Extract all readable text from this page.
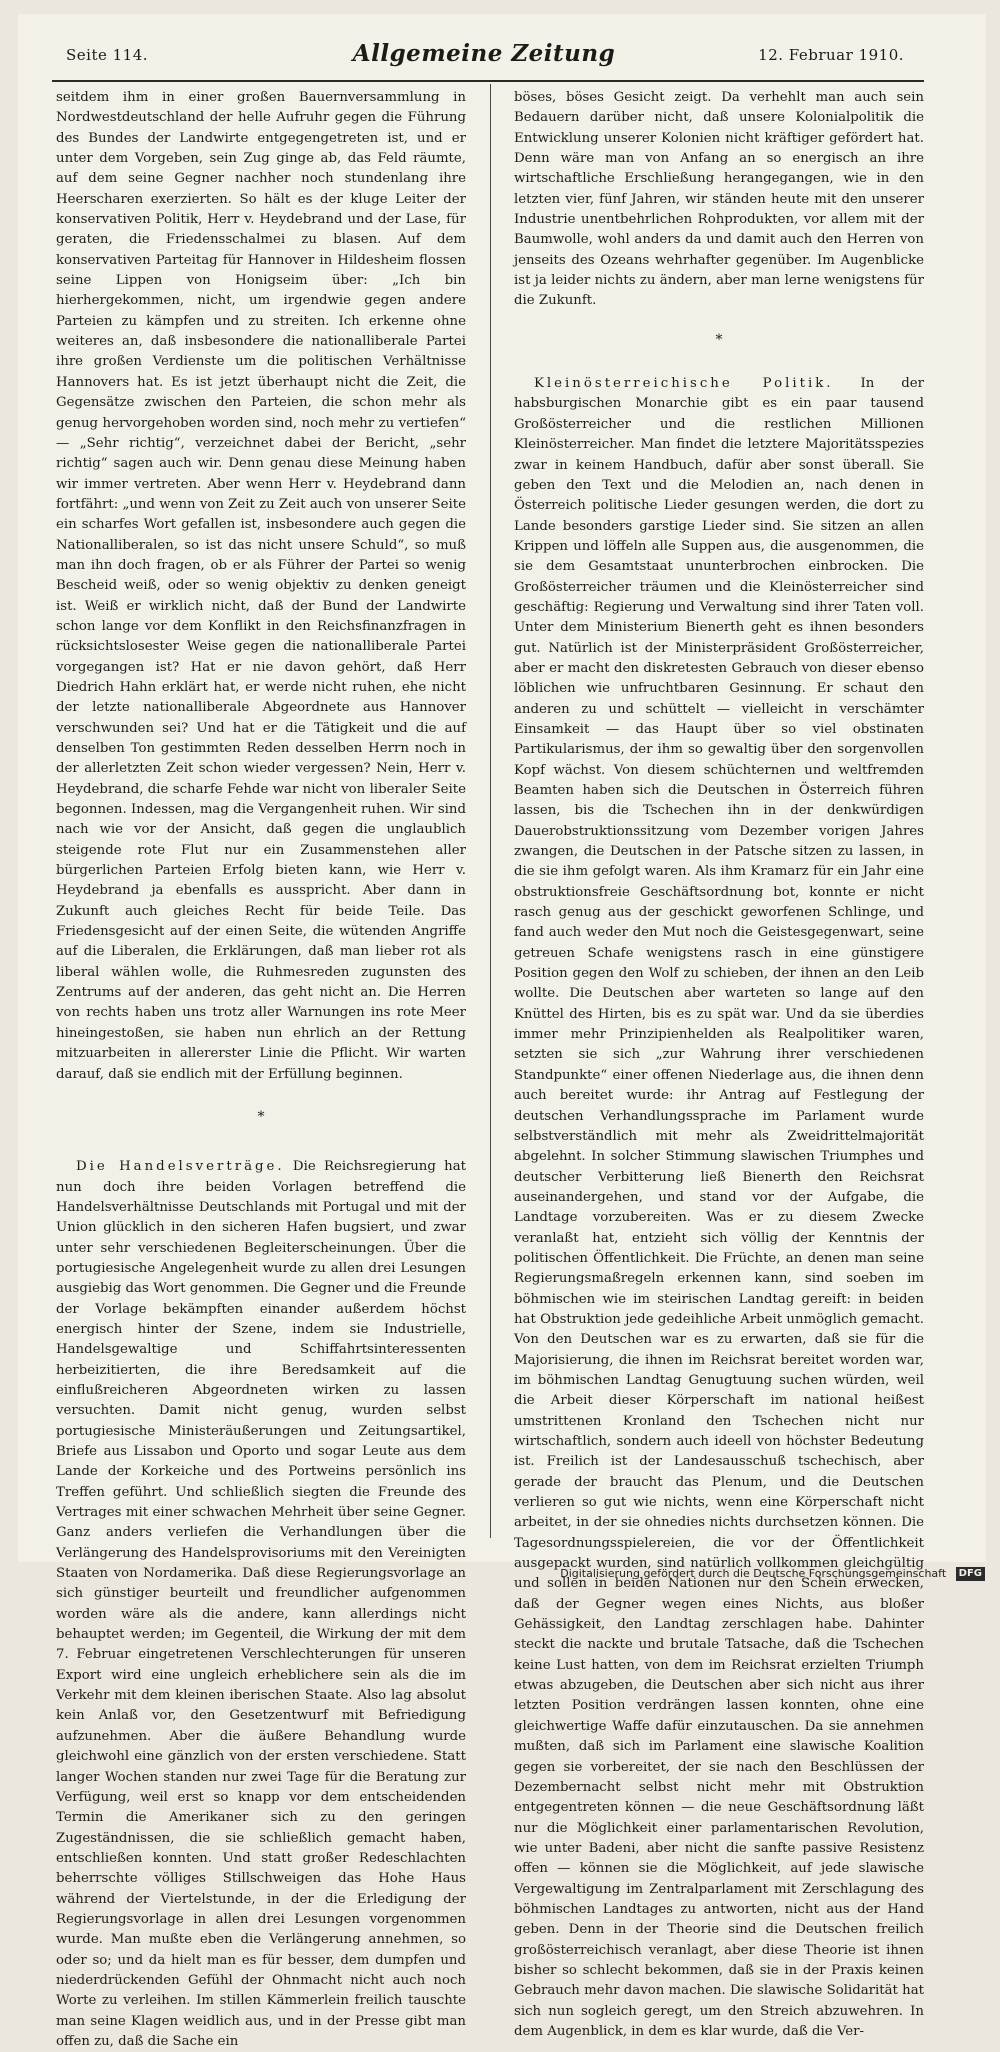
Seite 114.	Allgemeine Zeitung	12. Februar 1910.

seitdem ihm in einer großen Bauernversammlung in Nordwestdeutschland der helle Aufruhr gegen die Führung des Bundes der Landwirte entgegengetreten ist, und er unter dem Vorgeben, sein Zug ginge ab, das Feld räumte, auf dem seine Gegner nachher noch stundenlang ihre Heerscharen exerzierten. So hält es der kluge Leiter der konservativen Politik, Herr v. Heydebrand und der Lase, für geraten, die Friedensschalmei zu blasen. Auf dem konservativen Parteitag für Hannover in Hildesheim flossen seine Lippen von Honigseim über: „Ich bin hierhergekommen, nicht, um irgendwie gegen andere Parteien zu kämpfen und zu streiten. Ich erkenne ohne weiteres an, daß insbesondere die nationalliberale Partei ihre großen Verdienste um die politischen Verhältnisse Hannovers hat. Es ist jetzt überhaupt nicht die Zeit, die Gegensätze zwischen den Parteien, die schon mehr als genug hervorgehoben worden sind, noch mehr zu vertiefen“ — „Sehr richtig“, verzeichnet dabei der Bericht, „sehr richtig“ sagen auch wir. Denn genau diese Meinung haben wir immer vertreten. Aber wenn Herr v. Heydebrand dann fortfährt: „und wenn von Zeit zu Zeit auch von unserer Seite ein scharfes Wort gefallen ist, insbesondere auch gegen die Nationalliberalen, so ist das nicht unsere Schuld“, so muß man ihn doch fragen, ob er als Führer der Partei so wenig Bescheid weiß, oder so wenig objektiv zu denken geneigt ist. Weiß er wirklich nicht, daß der Bund der Landwirte schon lange vor dem Konflikt in den Reichsfinanzfragen in rücksichtslosester Weise gegen die nationalliberale Partei vorgegangen ist? Hat er nie davon gehört, daß Herr Diedrich Hahn erklärt hat, er werde nicht ruhen, ehe nicht der letzte nationalliberale Abgeordnete aus Hannover verschwunden sei? Und hat er die Tätigkeit und die auf denselben Ton gestimmten Reden desselben Herrn noch in der allerletzten Zeit schon wieder vergessen? Nein, Herr v. Heydebrand, die scharfe Fehde war nicht von liberaler Seite begonnen. Indessen, mag die Vergangenheit ruhen. Wir sind nach wie vor der Ansicht, daß gegen die unglaublich steigende rote Flut nur ein Zusammenstehen aller bürgerlichen Parteien Erfolg bieten kann, wie Herr v. Heydebrand ja ebenfalls es ausspricht. Aber dann in Zukunft auch gleiches Recht für beide Teile. Das Friedensgesicht auf der einen Seite, die wütenden Angriffe auf die Liberalen, die Erklärungen, daß man lieber rot als liberal wählen wolle, die Ruhmesreden zugunsten des Zentrums auf der anderen, das geht nicht an. Die Herren von rechts haben uns trotz aller Warnungen ins rote Meer hineingestoßen, sie haben nun ehrlich an der Rettung mitzuarbeiten in allererster Linie die Pflicht. Wir warten darauf, daß sie endlich mit der Erfüllung beginnen.

*

Die Handelsverträge. Die Reichsregierung hat nun doch ihre beiden Vorlagen betreffend die Handelsverhältnisse Deutschlands mit Portugal und mit der Union glücklich in den sicheren Hafen bugsiert, und zwar unter sehr verschiedenen Begleiterscheinungen. Über die portugiesische Angelegenheit wurde zu allen drei Lesungen ausgiebig das Wort genommen. Die Gegner und die Freunde der Vorlage bekämpften einander außerdem höchst energisch hinter der Szene, indem sie Industrielle, Handelsgewaltige und Schiffahrtsinteressenten herbeizitierten, die ihre Beredsamkeit auf die einflußreicheren Abgeordneten wirken zu lassen versuchten. Damit nicht genug, wurden selbst portugiesische Ministeräußerungen und Zeitungsartikel, Briefe aus Lissabon und Oporto und sogar Leute aus dem Lande der Korkeiche und des Portweins persönlich ins Treffen geführt. Und schließlich siegten die Freunde des Vertrages mit einer schwachen Mehrheit über seine Gegner. Ganz anders verliefen die Verhandlungen über die Verlängerung des Handelsprovisoriums mit den Vereinigten Staaten von Nordamerika. Daß diese Regierungsvorlage an sich günstiger beurteilt und freundlicher aufgenommen worden wäre als die andere, kann allerdings nicht behauptet werden; im Gegenteil, die Wirkung der mit dem 7. Februar eingetretenen Verschlechterungen für unseren Export wird eine ungleich erheblichere sein als die im Verkehr mit dem kleinen iberischen Staate. Also lag absolut kein Anlaß vor, den Gesetzentwurf mit Befriedigung aufzunehmen. Aber die äußere Behandlung wurde gleichwohl eine gänzlich von der ersten verschiedene. Statt langer Wochen standen nur zwei Tage für die Beratung zur Verfügung, weil erst so knapp vor dem entscheidenden Termin die Amerikaner sich zu den geringen Zugeständnissen, die sie schließlich gemacht haben, entschließen konnten. Und statt großer Redeschlachten beherrschte völliges Stillschweigen das Hohe Haus während der Viertelstunde, in der die Erledigung der Regierungsvorlage in allen drei Lesungen vorgenommen wurde. Man mußte eben die Verlängerung annehmen, so oder so; und da hielt man es für besser, dem dumpfen und niederdrückenden Gefühl der Ohnmacht nicht auch noch Worte zu verleihen. Im stillen Kämmerlein freilich tauschte man seine Klagen weidlich aus, und in der Presse gibt man offen zu, daß die Sache ein

böses, böses Gesicht zeigt. Da verhehlt man auch sein Bedauern darüber nicht, daß unsere Kolonialpolitik die Entwicklung unserer Kolonien nicht kräftiger gefördert hat. Denn wäre man von Anfang an so energisch an ihre wirtschaftliche Erschließung herangegangen, wie in den letzten vier, fünf Jahren, wir ständen heute mit den unserer Industrie unentbehrlichen Rohprodukten, vor allem mit der Baumwolle, wohl anders da und damit auch den Herren von jenseits des Ozeans wehrhafter gegenüber. Im Augenblicke ist ja leider nichts zu ändern, aber man lerne wenigstens für die Zukunft.

*

Kleinösterreichische Politik. In der habsburgischen Monarchie gibt es ein paar tausend Großösterreicher und die restlichen Millionen Kleinösterreicher. Man findet die letztere Majoritätsspezies zwar in keinem Handbuch, dafür aber sonst überall. Sie geben den Text und die Melodien an, nach denen in Österreich politische Lieder gesungen werden, die dort zu Lande besonders garstige Lieder sind. Sie sitzen an allen Krippen und löffeln alle Suppen aus, die ausgenommen, die sie dem Gesamtstaat ununterbrochen einbrocken. Die Großösterreicher träumen und die Kleinösterreicher sind geschäftig: Regierung und Verwaltung sind ihrer Taten voll. Unter dem Ministerium Bienerth geht es ihnen besonders gut. Natürlich ist der Ministerpräsident Großösterreicher, aber er macht den diskretesten Gebrauch von dieser ebenso löblichen wie unfruchtbaren Gesinnung. Er schaut den anderen zu und schüttelt — vielleicht in verschämter Einsamkeit — das Haupt über so viel obstinaten Partikularismus, der ihm so gewaltig über den sorgenvollen Kopf wächst. Von diesem schüchternen und weltfremden Beamten haben sich die Deutschen in Österreich führen lassen, bis die Tschechen ihn in der denkwürdigen Dauerobstruktionssitzung vom Dezember vorigen Jahres zwangen, die Deutschen in der Patsche sitzen zu lassen, in die sie ihm gefolgt waren. Als ihm Kramarz für ein Jahr eine obstruktionsfreie Geschäftsordnung bot, konnte er nicht rasch genug aus der geschickt geworfenen Schlinge, und fand auch weder den Mut noch die Geistesgegenwart, seine getreuen Schafe wenigstens rasch in eine günstigere Position gegen den Wolf zu schieben, der ihnen an den Leib wollte. Die Deutschen aber warteten so lange auf den Knüttel des Hirten, bis es zu spät war. Und da sie überdies immer mehr Prinzipienhelden als Realpolitiker waren, setzten sie sich „zur Wahrung ihrer verschiedenen Standpunkte“ einer offenen Niederlage aus, die ihnen denn auch bereitet wurde: ihr Antrag auf Festlegung der deutschen Verhandlungssprache im Parlament wurde selbstverständlich mit mehr als Zweidrittelmajorität abgelehnt. In solcher Stimmung slawischen Triumphes und deutscher Verbitterung ließ Bienerth den Reichsrat auseinandergehen, und stand vor der Aufgabe, die Landtage vorzubereiten. Was er zu diesem Zwecke veranlaßt hat, entzieht sich völlig der Kenntnis der politischen Öffentlichkeit. Die Früchte, an denen man seine Regierungsmaßregeln erkennen kann, sind soeben im böhmischen wie im steirischen Landtag gereift: in beiden hat Obstruktion jede gedeihliche Arbeit unmöglich gemacht. Von den Deutschen war es zu erwarten, daß sie für die Majorisierung, die ihnen im Reichsrat bereitet worden war, im böhmischen Landtag Genugtuung suchen würden, weil die Arbeit dieser Körperschaft im national heißest umstrittenen Kronland den Tschechen nicht nur wirtschaftlich, sondern auch ideell von höchster Bedeutung ist. Freilich ist der Landesausschuß tschechisch, aber gerade der braucht das Plenum, und die Deutschen verlieren so gut wie nichts, wenn eine Körperschaft nicht arbeitet, in der sie ohnedies nichts durchsetzen können. Die Tagesordnungsspielereien, die vor der Öffentlichkeit ausgepackt wurden, sind natürlich vollkommen gleichgültig und sollen in beiden Nationen nur den Schein erwecken, daß der Gegner wegen eines Nichts, aus bloßer Gehässigkeit, den Landtag zerschlagen habe. Dahinter steckt die nackte und brutale Tatsache, daß die Tschechen keine Lust hatten, von dem im Reichsrat erzielten Triumph etwas abzugeben, die Deutschen aber sich nicht aus ihrer letzten Position verdrängen lassen konnten, ohne eine gleichwertige Waffe dafür einzutauschen. Da sie annehmen mußten, daß sich im Parlament eine slawische Koalition gegen sie vorbereitet, der sie nach den Beschlüssen der Dezembernacht selbst nicht mehr mit Obstruktion entgegentreten können — die neue Geschäftsordnung läßt nur die Möglichkeit einer parlamentarischen Revolution, wie unter Badeni, aber nicht die sanfte passive Resistenz offen — können sie die Möglichkeit, auf jede slawische Vergewaltigung im Zentralparlament mit Zerschlagung des böhmischen Landtages zu antworten, nicht aus der Hand geben. Denn in der Theorie sind die Deutschen freilich großösterreichisch veranlagt, aber diese Theorie ist ihnen bisher so schlecht bekommen, daß sie in der Praxis keinen Gebrauch mehr davon machen. Die slawische Solidarität hat sich nun sogleich geregt, um den Streich abzuwehren. In dem Augenblick, in dem es klar wurde, daß die Ver-

Digitalisierung gefördert durch die Deutsche Forschungsgemeinschaft DFG
